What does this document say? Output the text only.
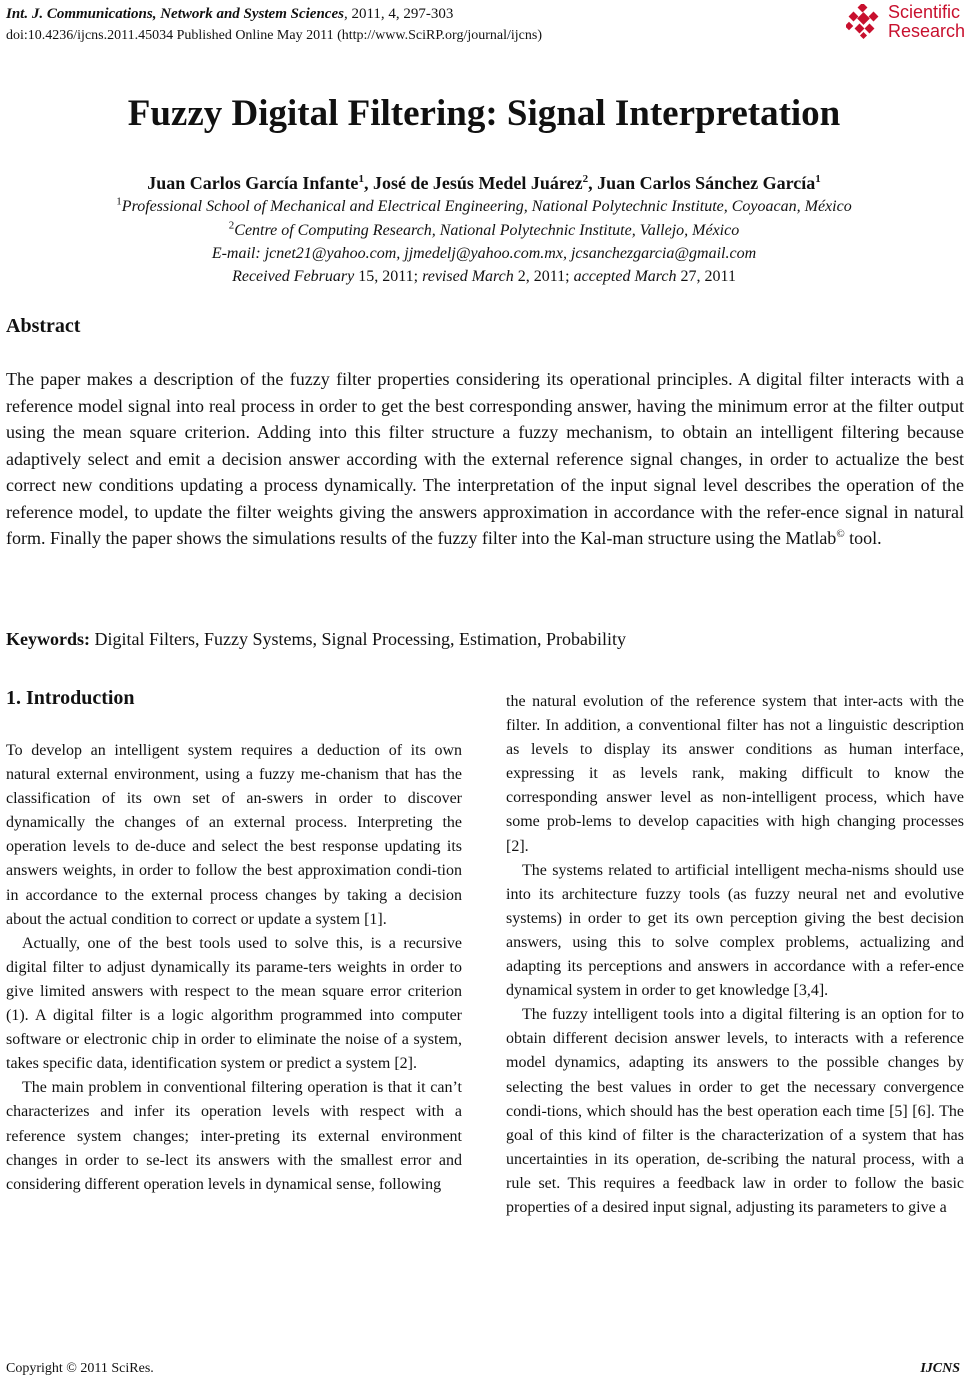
Int. J. Communications, Network and System Sciences, 2011, 4, 297-303
doi:10.4236/ijcns.2011.45034 Published Online May 2011 (http://www.SciRP.org/journal/ijcns)
Scientific
Research
Fuzzy Digital Filtering: Signal Interpretation
Juan Carlos García Infante$^1$, José de Jesús Medel Juárez$^2$, Juan Carlos Sánchez García$^1$
$^1$Professional School of Mechanical and Electrical Engineering, National Polytechnic Institute, Coyoacan, México
$^2$Centre of Computing Research, National Polytechnic Institute, Vallejo, México
E-mail: jcnet21@yahoo.com, jjmedelj@yahoo.com.mx, jcsanchezgarcia@gmail.com
Received February 15, 2011; revised March 2, 2011; accepted March 27, 2011
Abstract
The paper makes a description of the fuzzy filter properties considering its operational principles. A digital filter interacts with a reference model signal into real process in order to get the best corresponding answer, having the minimum error at the filter output using the mean square criterion. Adding into this filter structure a fuzzy mechanism, to obtain an intelligent filtering because adaptively select and emit a decision answer according with the external reference signal changes, in order to actualize the best correct new conditions updating a process dynamically. The interpretation of the input signal level describes the operation of the reference model, to update the filter weights giving the answers approximation in accordance with the refer-ence signal in natural form. Finally the paper shows the simulations results of the fuzzy filter into the Kal-man structure using the Matlab© tool.
Keywords: Digital Filters, Fuzzy Systems, Signal Processing, Estimation, Probability
1. Introduction

To develop an intelligent system requires a deduction of its own natural external environment, using a fuzzy me-chanism that has the classification of its own set of an-swers in order to discover dynamically the changes of an external process. Interpreting the operation levels to de-duce and select the best response updating its answers weights, in order to follow the best approximation condi-tion in accordance to the external process changes by taking a decision about the actual condition to correct or update a system [1].

Actually, one of the best tools used to solve this, is a recursive digital filter to adjust dynamically its parame-ters weights in order to give limited answers with respect to the mean square error criterion (1). A digital filter is a logic algorithm programmed into computer software or electronic chip in order to eliminate the noise of a system, takes specific data, identification system or predict a system [2].

The main problem in conventional filtering operation is that it can’t characterizes and infer its operation levels with respect with a reference system changes; inter-preting its external environment changes in order to se-lect its answers with the smallest error and considering different operation levels in dynamical sense, following

the natural evolution of the reference system that inter-acts with the filter. In addition, a conventional filter has not a linguistic description as levels to display its answer conditions as human interface, expressing it as levels rank, making difficult to know the corresponding answer level as non-intelligent process, which have some prob-lems to develop capacities with high changing processes [2].

The systems related to artificial intelligent mecha-nisms should use into its architecture fuzzy tools (as fuzzy neural net and evolutive systems) in order to get its own perception giving the best decision answers, using this to solve complex problems, actualizing and adapting its perceptions and answers in accordance with a refer-ence dynamical system in order to get knowledge [3,4].

The fuzzy intelligent tools into a digital filtering is an option for to obtain different decision answer levels, to interacts with a reference model dynamics, adapting its answers to the possible changes by selecting the best values in order to get the necessary convergence condi-tions, which should has the best operation each time [5] [6]. The goal of this kind of filter is the characterization of a system that has uncertainties in its operation, de-scribing the natural process, with a rule set. This requires a feedback law in order to follow the basic properties of a desired input signal, adjusting its parameters to give a

Copyright © 2011 SciRes.	IJCNS
